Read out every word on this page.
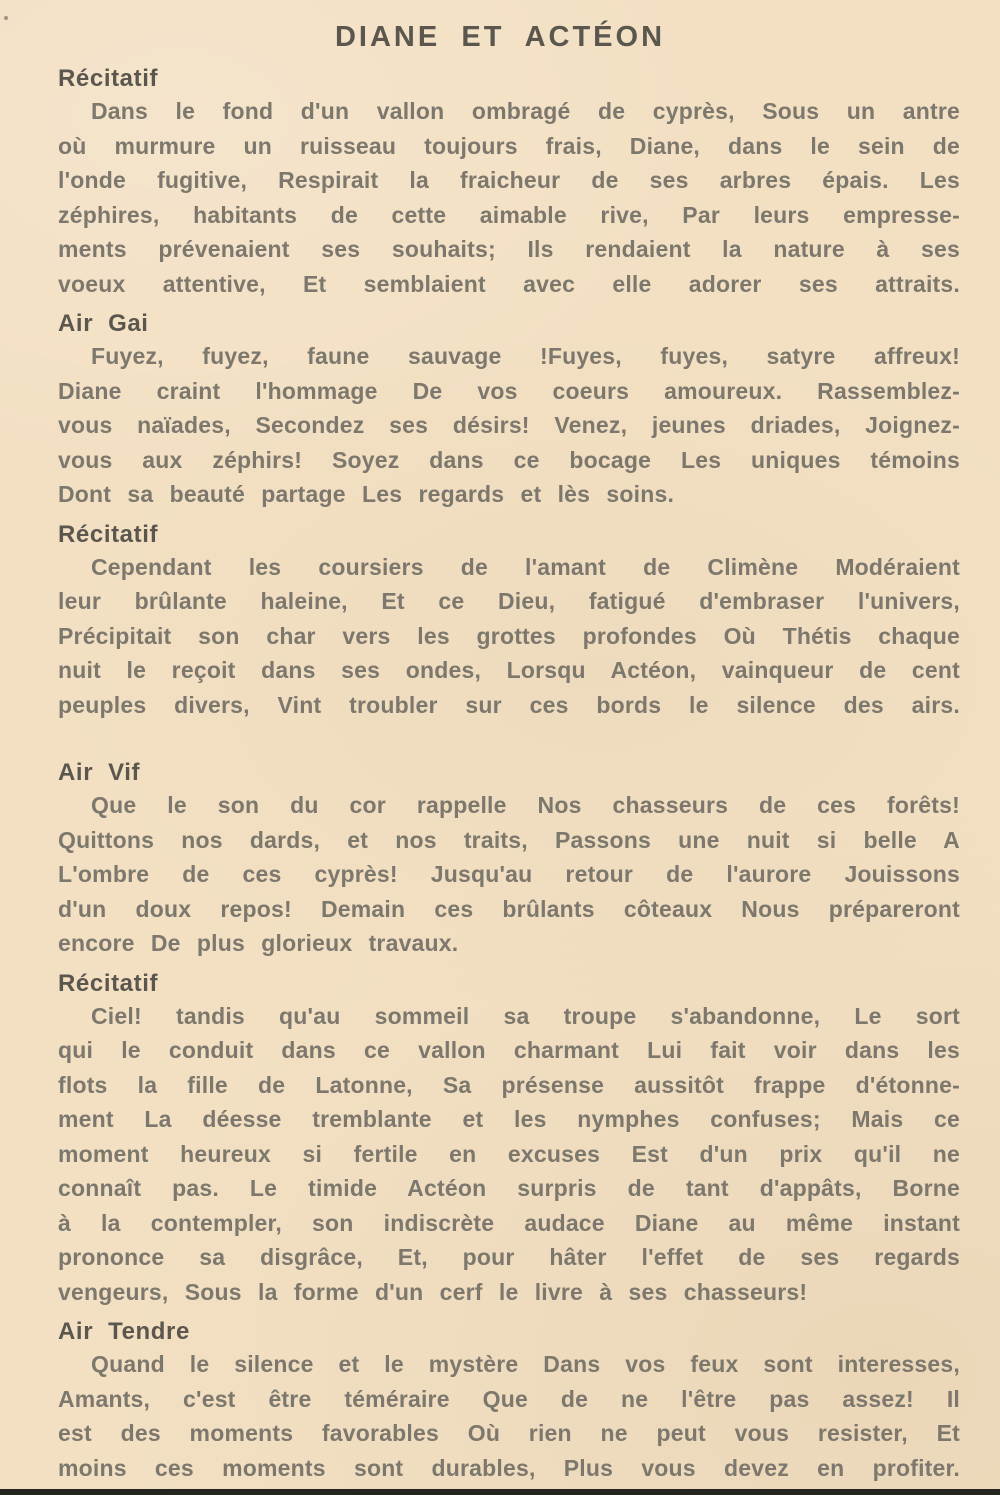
DIANE ET ACTÉON
Récitatif
Dans le fond d'un vallon ombragé de cyprès, Sous un antre
où murmure un ruisseau toujours frais, Diane, dans le sein de
l'onde fugitive, Respirait la fraicheur de ses arbres épais. Les
zéphires, habitants de cette aimable rive, Par leurs empresse-
ments prévenaient ses souhaits; Ils rendaient la nature à ses
voeux attentive, Et semblaient avec elle adorer ses attraits.
Air Gai
Fuyez, fuyez, faune sauvage !Fuyes, fuyes, satyre affreux!
Diane craint l'hommage De vos coeurs amoureux. Rassemblez-
vous naïades, Secondez ses désirs! Venez, jeunes driades, Joignez-
vous aux zéphirs! Soyez dans ce bocage Les uniques témoins
Dont sa beauté partage Les regards et lès soins.
Récitatif
Cependant les coursiers de l'amant de Climène Modéraient
leur brûlante haleine, Et ce Dieu, fatigué d'embraser l'univers,
Précipitait son char vers les grottes profondes Où Thétis chaque
nuit le reçoit dans ses ondes, Lorsqu Actéon, vainqueur de cent
peuples divers, Vint troubler sur ces bords le silence des airs.
Air Vif
Que le son du cor rappelle Nos chasseurs de ces forêts!
Quittons nos dards, et nos traits, Passons une nuit si belle A
L'ombre de ces cyprès! Jusqu'au retour de l'aurore Jouissons
d'un doux repos! Demain ces brûlants côteaux Nous prépareront
encore De plus glorieux travaux.
Récitatif
Ciel! tandis qu'au sommeil sa troupe s'abandonne, Le sort
qui le conduit dans ce vallon charmant Lui fait voir dans les
flots la fille de Latonne, Sa présense aussitôt frappe d'étonne-
ment La déesse tremblante et les nymphes confuses; Mais ce
moment heureux si fertile en excuses Est d'un prix qu'il ne
connaît pas. Le timide Actéon surpris de tant d'appâts, Borne
à la contempler, son indiscrète audace Diane au même instant
prononce sa disgrâce, Et, pour hâter l'effet de ses regards
vengeurs, Sous la forme d'un cerf le livre à ses chasseurs!
Air Tendre
Quand le silence et le mystère Dans vos feux sont interesses,
Amants, c'est être téméraire Que de ne l'être pas assez! Il
est des moments favorables Où rien ne peut vous resister, Et
moins ces moments sont durables, Plus vous devez en profiter.
